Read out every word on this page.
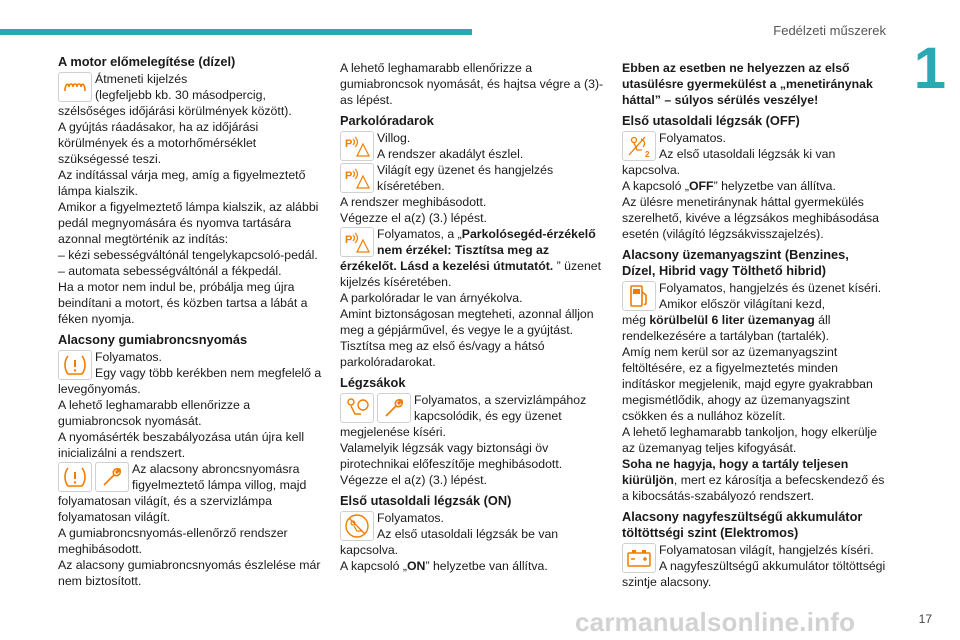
Fedélzeti műszerek
1
A motor előmelegítése (dízel)
Átmeneti kijelzés
(legfeljebb kb. 30 másodpercig,
szélsőséges időjárási körülmények között).
A gyújtás ráadásakor, ha az időjárási
körülmények és a motorhőmérséklet
szükségessé teszi.
Az indítással várja meg, amíg a figyelmeztető
lámpa kialszik.
Amikor a figyelmeztető lámpa kialszik, az alábbi
pedál megnyomására és nyomva tartására
azonnal megtörténik az indítás:
– kézi sebességváltónál tengelykapcsoló-pedál.
– automata sebességváltónál a fékpedál.
Ha a motor nem indul be, próbálja meg újra
beindítani a motort, és közben tartsa a lábát a
féken nyomja.
Alacsony gumiabroncsnyomás
Folyamatos.
Egy vagy több kerékben nem megfelelő a
levegőnyomás.
A lehető leghamarabb ellenőrizze a
gumiabroncsok nyomását.
A nyomásérték beszabályozása után újra kell
inicializálni a rendszert.
Az alacsony abroncsnyomásra
figyelmeztető lámpa villog, majd
folyamatosan világít, és a szervizlámpa
folyamatosan világít.
A gumiabroncsnyomás-ellenőrző rendszer
meghibásodott.
Az alacsony gumiabroncsnyomás észlelése már
nem biztosított.
A lehető leghamarabb ellenőrizze a
gumiabroncsok nyomását, és hajtsa végre a (3)-
as lépést.
Parkolóradarok
P	Villog.
A rendszer akadályt észlel.
P	Világít egy üzenet és hangjelzés
kíséretében.
A rendszer meghibásodott.
Végezze el a(z) (3.) lépést.
P	Folyamatos, a „Parkolósegéd-érzékelő
nem érzékel: Tisztítsa meg az
érzékelőt. Lásd a kezelési útmutatót. ” üzenet
kijelzés kíséretében.
A parkolóradar le van árnyékolva.
Amint biztonságosan megteheti, azonnal álljon
meg a gépjárművel, és vegye le a gyújtást.
Tisztítsa meg az első és/vagy a hátsó
parkolóradarokat.
Légzsákok
Folyamatos, a szervizlámpához
kapcsolódik, és egy üzenet
megjelenése kíséri.
Valamelyik légzsák vagy biztonsági öv
pirotechnikai előfeszítője meghibásodott.
Végezze el a(z) (3.) lépést.
Első utasoldali légzsák (ON)
Folyamatos.
Az első utasoldali légzsák be van
kapcsolva.
A kapcsoló „ON” helyzetbe van állítva.
Ebben az esetben ne helyezzen az első
utasülésre gyermekülést a „menetiránynak
háttal” – súlyos sérülés veszélye!
Első utasoldali légzsák (OFF)
2
Folyamatos.
Az első utasoldali légzsák ki van
kapcsolva.
A kapcsoló „OFF” helyzetbe van állítva.
Az ülésre menetiránynak háttal gyermekülés
szerelhető, kivéve a légzsákos meghibásodása
esetén (világító légzsákvisszajelzés).
Alacsony üzemanyagszint (Benzines,
Dízel, Hibrid vagy Tölthető hibrid)
Folyamatos, hangjelzés és üzenet kíséri.
Amikor először világítani kezd,
még körülbelül 6 liter üzemanyag áll
rendelkezésére a tartályban (tartalék).
Amíg nem kerül sor az üzemanyagszint
feltöltésére, ez a figyelmeztetés minden
indításkor megjelenik, majd egyre gyakrabban
megismétlődik, ahogy az üzemanyagszint
csökken és a nullához közelít.
A lehető leghamarabb tankoljon, hogy elkerülje
az üzemanyag teljes kifogyását.
Soha ne hagyja, hogy a tartály teljesen
kiürüljön, mert ez károsítja a befecskendező és
a kibocsátás-szabályozó rendszert.
Alacsony nagyfeszültségű akkumulátor
töltöttségi szint (Elektromos)
Folyamatosan világít, hangjelzés kíséri.
A nagyfeszültségű akkumulátor töltöttségi
szintje alacsony.
carmanualsonline.info	17
